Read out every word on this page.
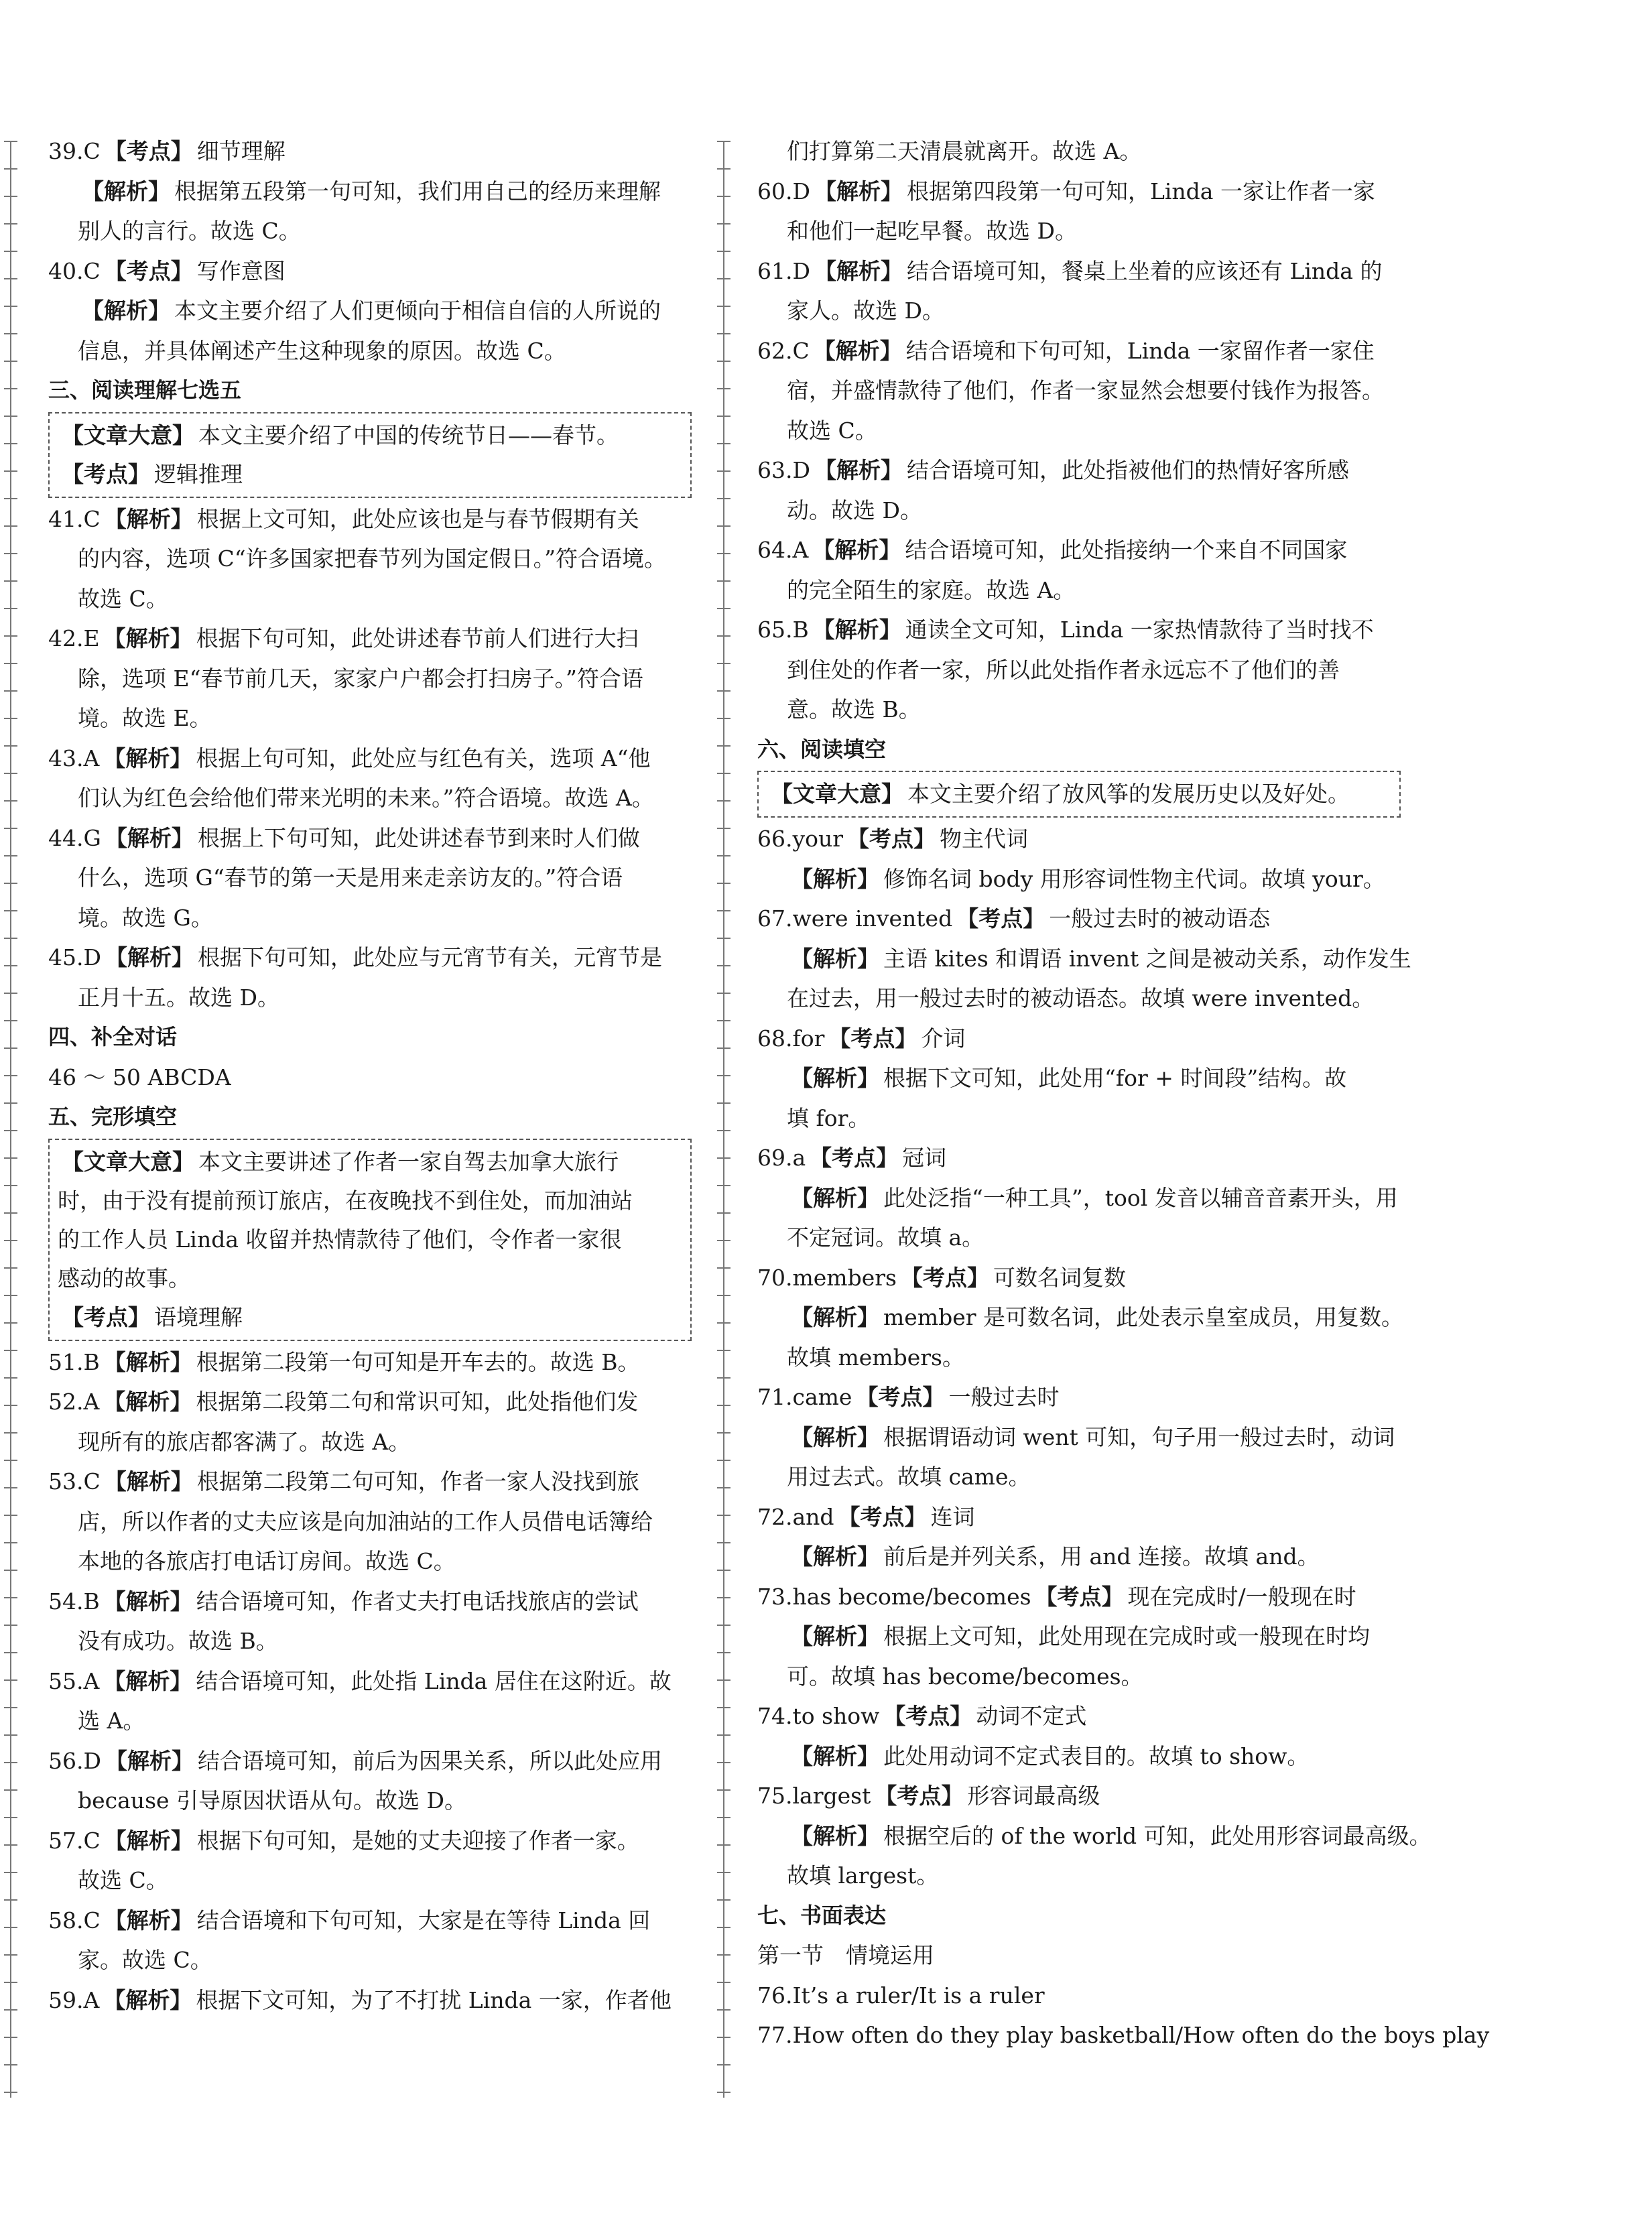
39.C 【考点】 细节理解
【解析】 根据第五段第一句可知，我们用自己的经历来理解
别人的言行。故选 C。
40.C 【考点】 写作意图
【解析】 本文主要介绍了人们更倾向于相信自信的人所说的
信息，并具体阐述产生这种现象的原因。故选 C。
三、阅读理解七选五
【文章大意】 本文主要介绍了中国的传统节日——春节。
【考点】 逻辑推理
41.C 【解析】 根据上文可知，此处应该也是与春节假期有关
的内容，选项 C“许多国家把春节列为国定假日。”符合语境。
故选 C。
42.E 【解析】 根据下句可知，此处讲述春节前人们进行大扫
除，选项 E“春节前几天，家家户户都会打扫房子。”符合语
境。故选 E。
43.A 【解析】 根据上句可知，此处应与红色有关，选项 A“他
们认为红色会给他们带来光明的未来。”符合语境。故选 A。
44.G 【解析】 根据上下句可知，此处讲述春节到来时人们做
什么，选项 G“春节的第一天是用来走亲访友的。”符合语
境。故选 G。
45.D 【解析】 根据下句可知，此处应与元宵节有关，元宵节是
正月十五。故选 D。
四、补全对话
46 ～ 50 ABCDA
五、完形填空
【文章大意】 本文主要讲述了作者一家自驾去加拿大旅行
时，由于没有提前预订旅店，在夜晚找不到住处，而加油站
的工作人员 Linda 收留并热情款待了他们，令作者一家很
感动的故事。
【考点】 语境理解
51.B 【解析】 根据第二段第一句可知是开车去的。故选 B。
52.A 【解析】 根据第二段第二句和常识可知，此处指他们发
现所有的旅店都客满了。故选 A。
53.C 【解析】 根据第二段第二句可知，作者一家人没找到旅
店，所以作者的丈夫应该是向加油站的工作人员借电话簿给
本地的各旅店打电话订房间。故选 C。
54.B 【解析】 结合语境可知，作者丈夫打电话找旅店的尝试
没有成功。故选 B。
55.A 【解析】 结合语境可知，此处指 Linda 居住在这附近。故
选 A。
56.D 【解析】 结合语境可知，前后为因果关系，所以此处应用
because 引导原因状语从句。故选 D。
57.C 【解析】 根据下句可知，是她的丈夫迎接了作者一家。
故选 C。
58.C 【解析】 结合语境和下句可知，大家是在等待 Linda 回
家。故选 C。
59.A 【解析】 根据下文可知，为了不打扰 Linda 一家，作者他
们打算第二天清晨就离开。故选 A。
60.D 【解析】 根据第四段第一句可知，Linda 一家让作者一家
和他们一起吃早餐。故选 D。
61.D 【解析】 结合语境可知，餐桌上坐着的应该还有 Linda 的
家人。故选 D。
62.C 【解析】 结合语境和下句可知，Linda 一家留作者一家住
宿，并盛情款待了他们，作者一家显然会想要付钱作为报答。
故选 C。
63.D 【解析】 结合语境可知，此处指被他们的热情好客所感
动。故选 D。
64.A 【解析】 结合语境可知，此处指接纳一个来自不同国家
的完全陌生的家庭。故选 A。
65.B 【解析】 通读全文可知，Linda 一家热情款待了当时找不
到住处的作者一家，所以此处指作者永远忘不了他们的善
意。故选 B。
六、阅读填空
【文章大意】 本文主要介绍了放风筝的发展历史以及好处。
66.your 【考点】 物主代词
【解析】 修饰名词 body 用形容词性物主代词。故填 your。
67.were invented 【考点】 一般过去时的被动语态
【解析】 主语 kites 和谓语 invent 之间是被动关系，动作发生
在过去，用一般过去时的被动语态。故填 were invented。
68.for 【考点】 介词
【解析】 根据下文可知，此处用“for + 时间段”结构。故
填 for。
69.a 【考点】 冠词
【解析】 此处泛指“一种工具”，tool 发音以辅音音素开头，用
不定冠词。故填 a。
70.members 【考点】 可数名词复数
【解析】 member 是可数名词，此处表示皇室成员，用复数。
故填 members。
71.came 【考点】 一般过去时
【解析】 根据谓语动词 went 可知，句子用一般过去时，动词
用过去式。故填 came。
72.and 【考点】 连词
【解析】 前后是并列关系，用 and 连接。故填 and。
73.has become/becomes 【考点】 现在完成时/一般现在时
【解析】 根据上文可知，此处用现在完成时或一般现在时均
可。故填 has become/becomes。
74.to show 【考点】 动词不定式
【解析】 此处用动词不定式表目的。故填 to show。
75.largest 【考点】 形容词最高级
【解析】 根据空后的 of the world 可知，此处用形容词最高级。
故填 largest。
七、书面表达
第一节　情境运用
76.It’s a ruler/It is a ruler
77.How often do they play basketball/How often do the boys play
